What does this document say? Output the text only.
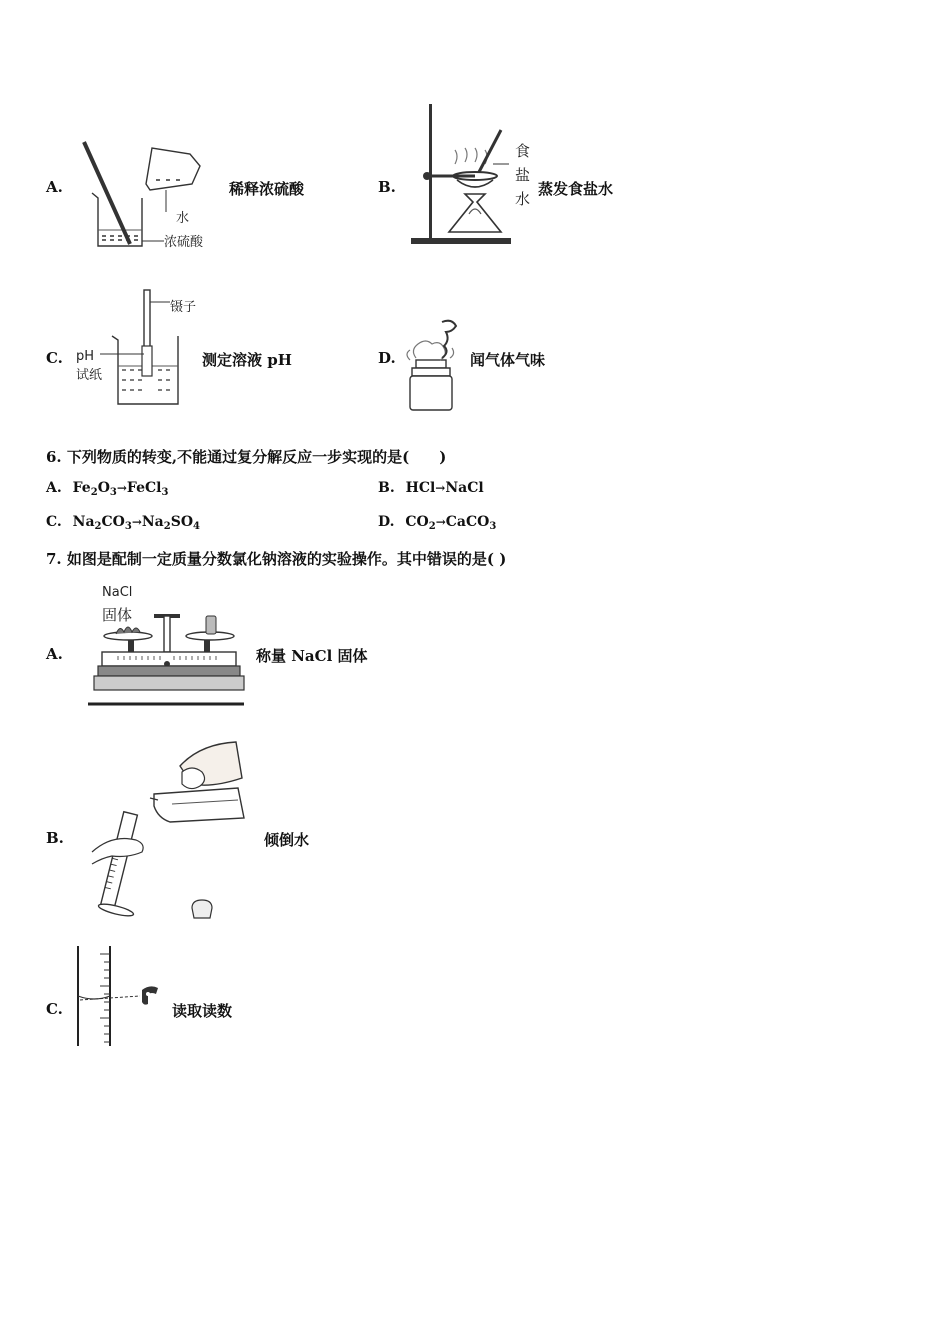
A.
水
浓硫酸
稀释浓硫酸	B.
食
盐
水
蒸发食盐水
C.
镊子
pH
试纸
测定溶液 pH	D.	闻气体气味
6. 下列物质的转变,不能通过复分解反应一步实现的是(　　)
A. $Fe_2O_3\to FeCl_3$	B. HCl→NaCl
C. $Na_2CO_3\to Na_2SO_4$	D. $CO_2\to CaCO_3$
7. 如图是配制一定质量分数氯化钠溶液的实验操作。其中错误的是( )
A.
NaCl
固体
称量 NaCl 固体
B.	倾倒水
C.	读取读数
